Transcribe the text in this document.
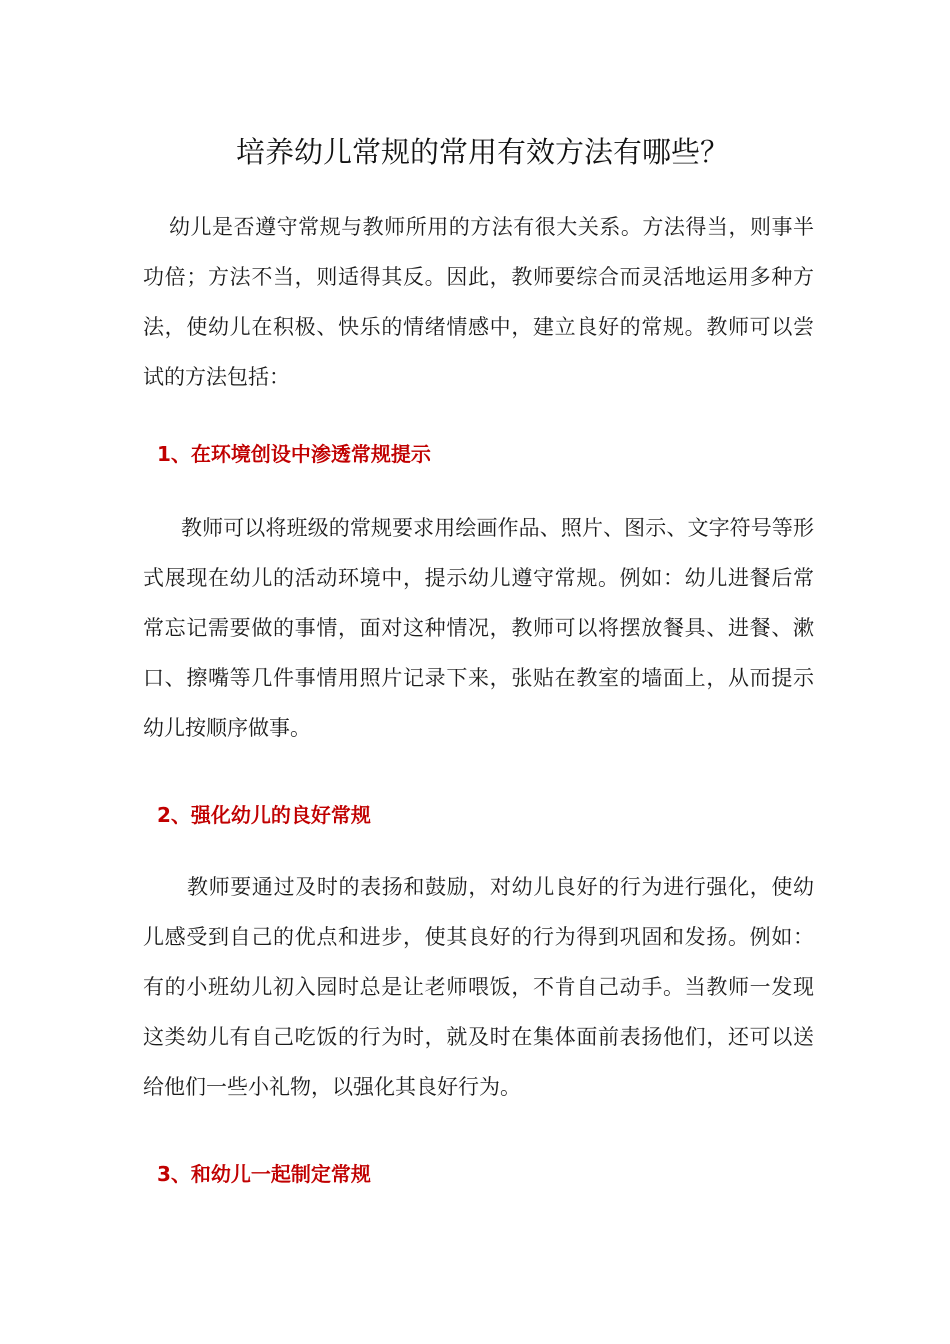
培养幼儿常规的常用有效方法有哪些？

幼儿是否遵守常规与教师所用的方法有很大关系。方法得当，则事半功倍；方法不当，则适得其反。因此，教师要综合而灵活地运用多种方法，使幼儿在积极、快乐的情绪情感中，建立良好的常规。教师可以尝试的方法包括：

1、在环境创设中渗透常规提示

教师可以将班级的常规要求用绘画作品、照片、图示、文字符号等形式展现在幼儿的活动环境中，提示幼儿遵守常规。例如：幼儿进餐后常常忘记需要做的事情，面对这种情况，教师可以将摆放餐具、进餐、漱口、擦嘴等几件事情用照片记录下来，张贴在教室的墙面上，从而提示幼儿按顺序做事。

2、强化幼儿的良好常规

教师要通过及时的表扬和鼓励，对幼儿良好的行为进行强化，使幼儿感受到自己的优点和进步，使其良好的行为得到巩固和发扬。例如：有的小班幼儿初入园时总是让老师喂饭，不肯自己动手。当教师一发现这类幼儿有自己吃饭的行为时，就及时在集体面前表扬他们，还可以送给他们一些小礼物，以强化其良好行为。

3、和幼儿一起制定常规
